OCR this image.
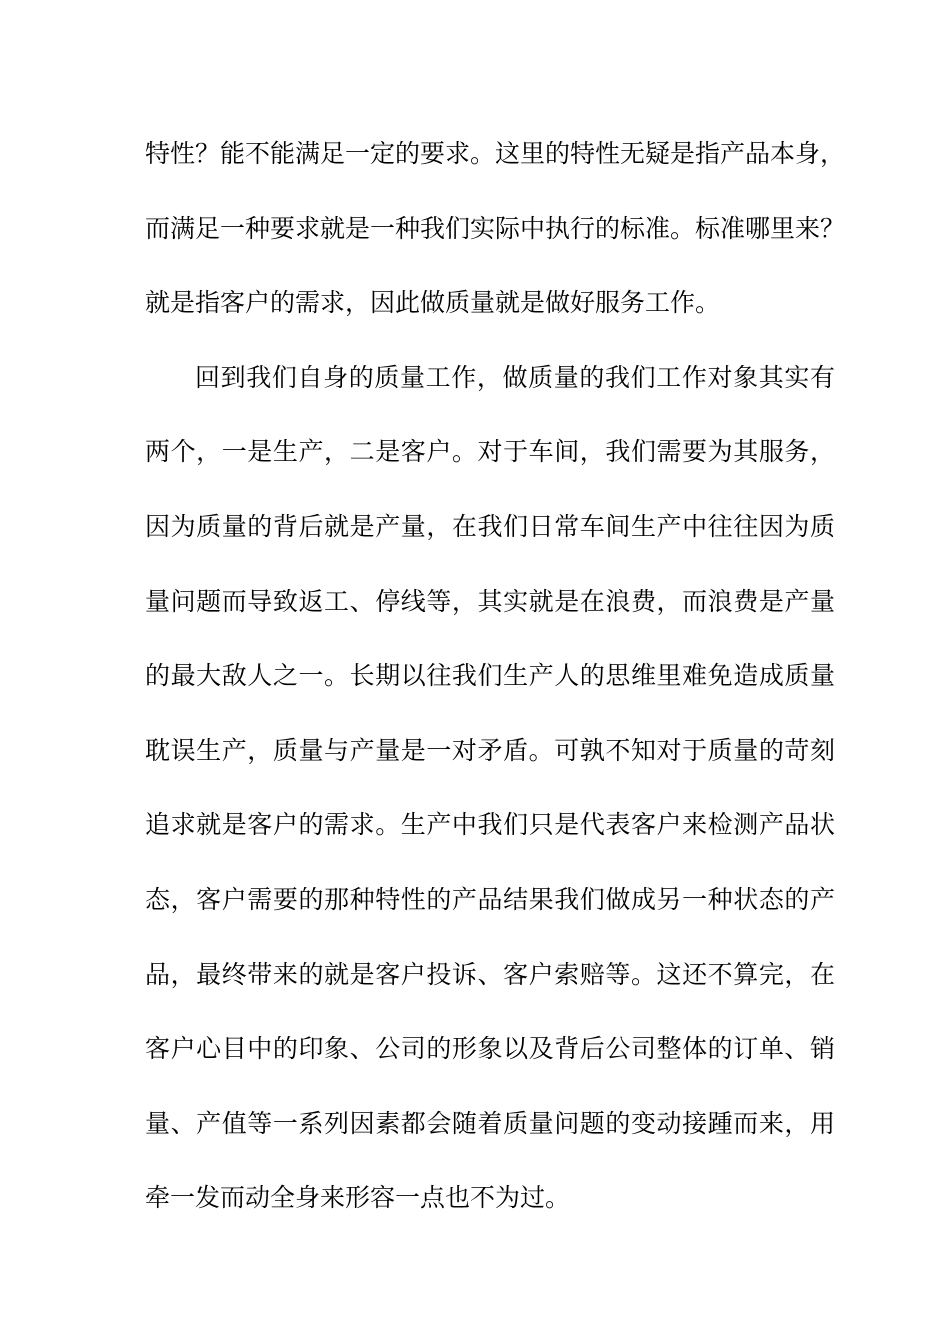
特性？能不能满足一定的要求。这里的特性无疑是指产品本身，
而满足一种要求就是一种我们实际中执行的标准。标准哪里来？
就是指客户的需求，因此做质量就是做好服务工作。
回到我们自身的质量工作，做质量的我们工作对象其实有
两个，一是生产，二是客户。对于车间，我们需要为其服务，
因为质量的背后就是产量，在我们日常车间生产中往往因为质
量问题而导致返工、停线等，其实就是在浪费，而浪费是产量
的最大敌人之一。长期以往我们生产人的思维里难免造成质量
耽误生产，质量与产量是一对矛盾。可孰不知对于质量的苛刻
追求就是客户的需求。生产中我们只是代表客户来检测产品状
态，客户需要的那种特性的产品结果我们做成另一种状态的产
品，最终带来的就是客户投诉、客户索赔等。这还不算完，在
客户心目中的印象、公司的形象以及背后公司整体的订单、销
量、产值等一系列因素都会随着质量问题的变动接踵而来，用
牵一发而动全身来形容一点也不为过。
